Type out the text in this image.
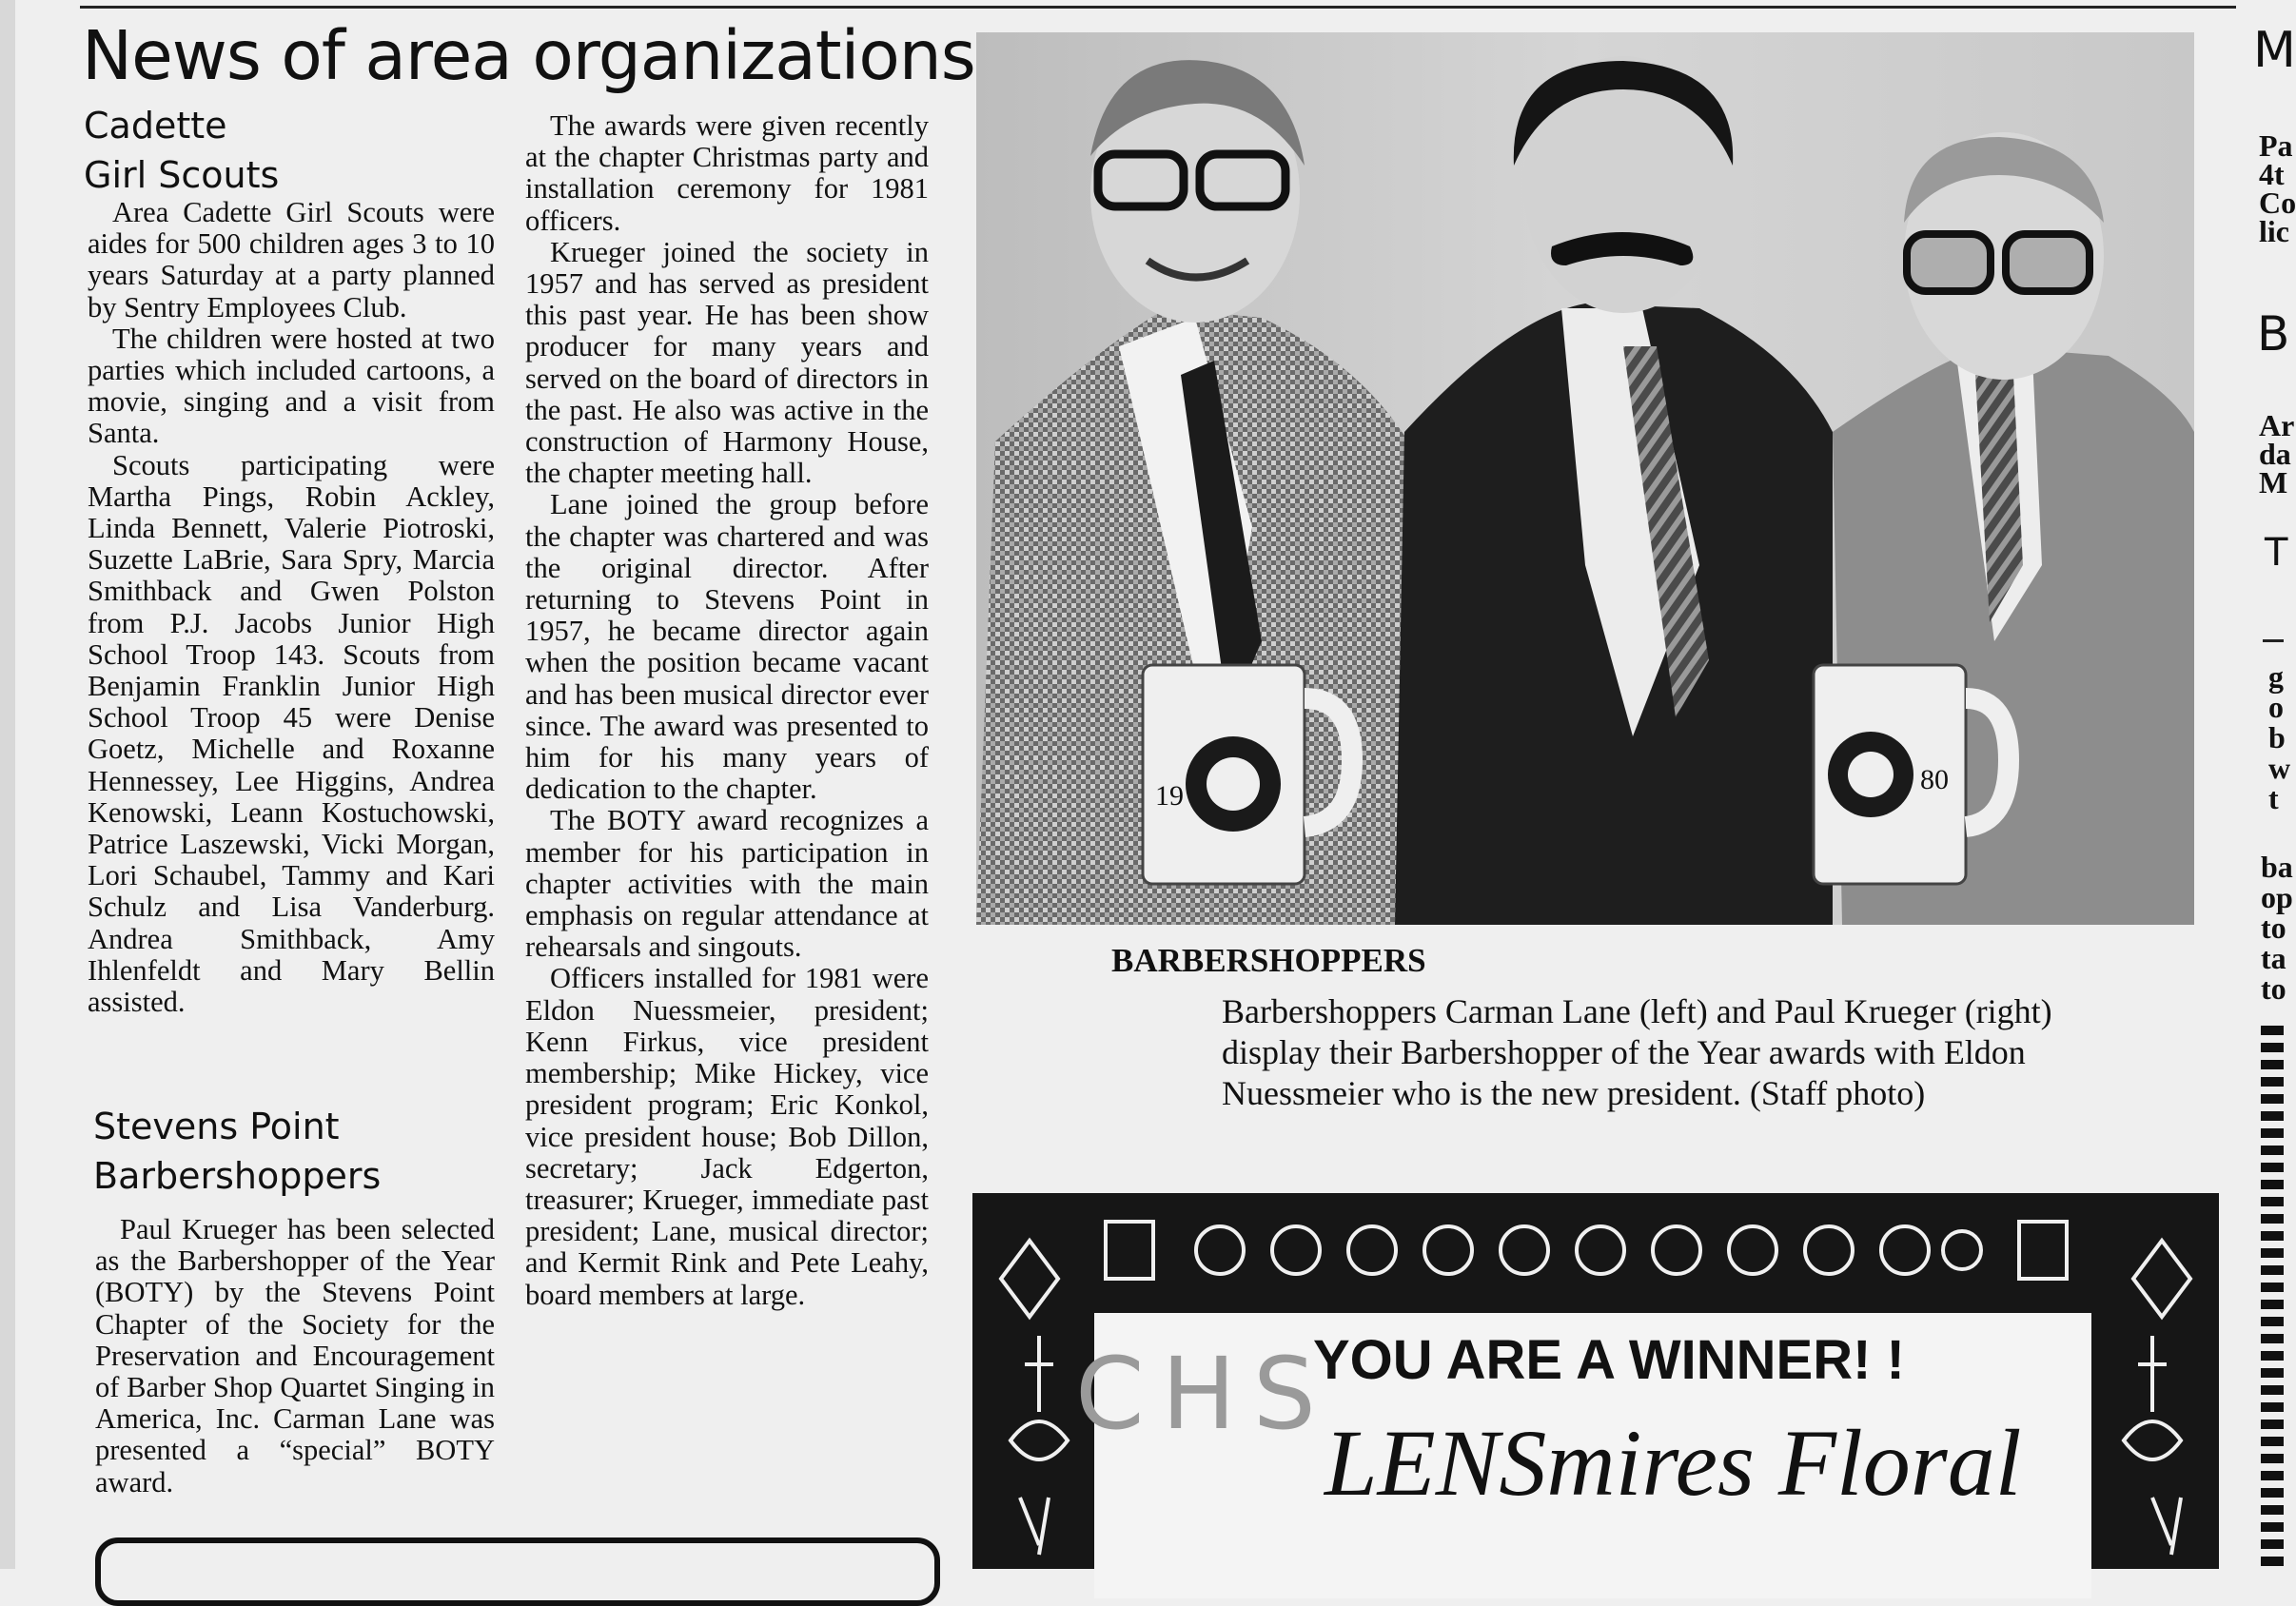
News of area organizations
Cadette
Girl Scouts

Area Cadette Girl Scouts were aides for 500 children ages 3 to 10 years Saturday at a party planned by Sentry Employees Club.

The children were hosted at two parties which included cartoons, a movie, singing and a visit from Santa.

Scouts participating were Martha Pings, Robin Ackley, Linda Bennett, Valerie Piotroski, Suzette LaBrie, Sara Spry, Marcia Smithback and Gwen Polston from P.J. Jacobs Junior High School Troop 143. Scouts from Benjamin Franklin Junior High School Troop 45 were Denise Goetz, Michelle and Roxanne Hennessey, Lee Higgins, Andrea Kenowski, Leann Kostuchowski, Patrice Laszewski, Vicki Morgan, Lori Schaubel, Tammy and Kari Schulz and Lisa Vanderburg. Andrea Smithback, Amy Ihlenfeldt and Mary Bellin assisted.

Stevens Point
Barbershoppers

Paul Krueger has been selected as the Barbershopper of the Year (BOTY) by the Stevens Point Chapter of the Society for the Preservation and Encouragement of Barber Shop Quartet Singing in America, Inc. Carman Lane was presented a “special” BOTY award.

The awards were given recently at the chapter Christmas party and installation ceremony for 1981 officers.

Krueger joined the society in 1957 and has served as president this past year. He has been show producer for many years and served on the board of directors in the past. He also was active in the construction of Harmony House, the chapter meeting hall.

Lane joined the group before the chapter was chartered and was the original director. After returning to Stevens Point in 1957, he became director again when the position became vacant and has been musical director ever since. The award was presented to him for his many years of dedication to the chapter.

The BOTY award recognizes a member for his participation in chapter activities with the main emphasis on regular attendance at rehearsals and singouts.

Officers installed for 1981 were Eldon Nuessmeier, president; Kenn Firkus, vice president membership; Mike Hickey, vice president program; Eric Konkol, vice president house; Bob Dillon, secretary; Jack Edgerton, treasurer; Krueger, immediate past president; Lane, musical director; and Kermit Rink and Pete Leahy, board members at large.

19
80
BARBERSHOPPERS
Barbershoppers Carman Lane (left) and Paul Krueger (right) display their Barbershopper of the Year awards with Eldon Nuessmeier who is the new president. (Staff photo)
CHS
YOU ARE A WINNER! !
LENSmires Floral
M
Pa
4t
Co
lic
B
Ar
da
M
T
g
o
b
w
t
ba
op
to
ta
to
